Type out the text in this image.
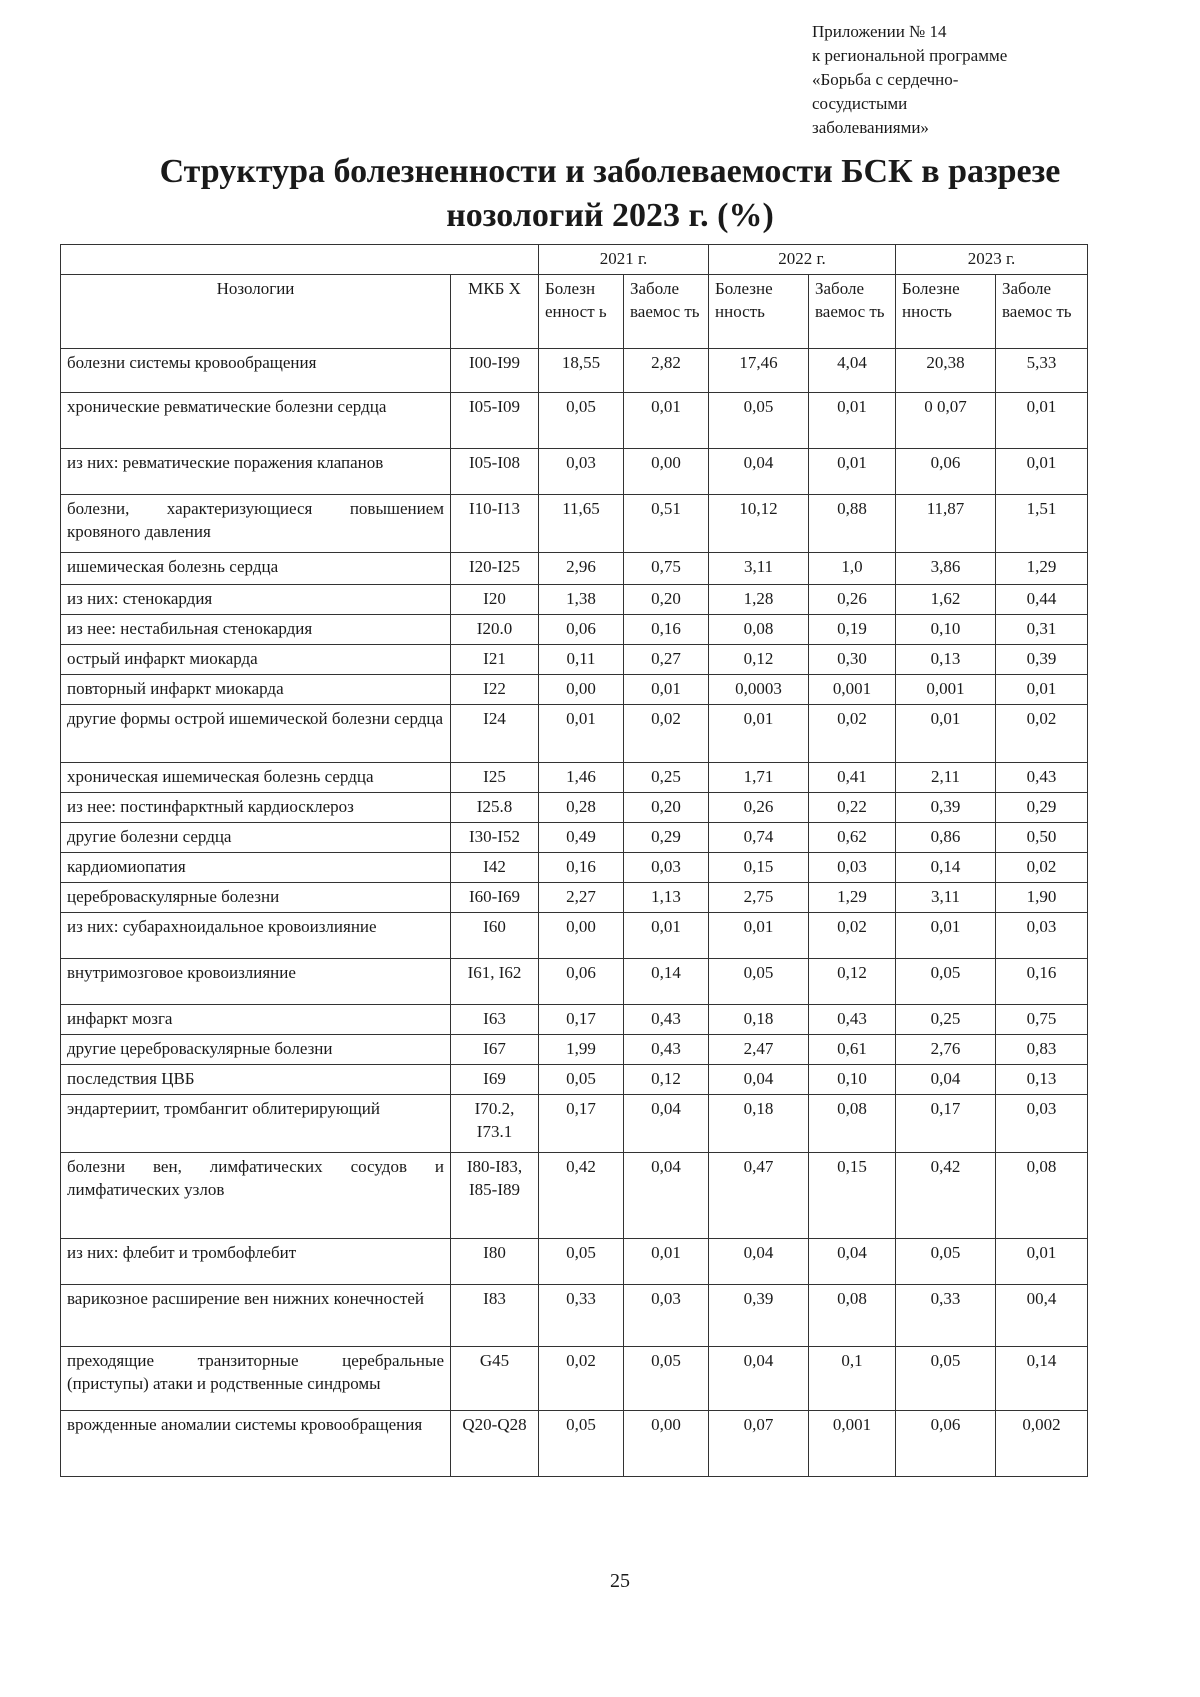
Приложении № 14
к региональной программе
«Борьба с сердечно-
сосудистыми
заболеваниями»
Структура болезненности и заболеваемости БСК в разрезе
нозологий 2023 г. (%)
		2021 г.		2022 г.		2023 г.	
Нозологии	МКБ Х	Болезн енност ь	Заболе ваемос ть	Болезне нность	Заболе ваемос ть	Болезне нность	Заболе ваемос ть
болезни системы кровообращения	I00-I99	18,55	2,82	17,46	4,04	20,38	5,33
хронические ревматические болезни сердца	I05-I09	0,05	0,01	0,05	0,01	0 0,07	0,01
из них: ревматические поражения клапанов	I05-I08	0,03	0,00	0,04	0,01	0,06	0,01
болезни, характеризующиеся повышением кровяного давления	I10-I13	11,65	0,51	10,12	0,88	11,87	1,51
ишемическая болезнь сердца	I20-I25	2,96	0,75	3,11	1,0	3,86	1,29
из них: стенокардия	I20	1,38	0,20	1,28	0,26	1,62	0,44
из нее: нестабильная стенокардия	I20.0	0,06	0,16	0,08	0,19	0,10	0,31
острый инфаркт миокарда	I21	0,11	0,27	0,12	0,30	0,13	0,39
повторный инфаркт миокарда	I22	0,00	0,01	0,0003	0,001	0,001	0,01
другие формы острой ишемической болезни сердца	I24	0,01	0,02	0,01	0,02	0,01	0,02
хроническая ишемическая болезнь сердца	I25	1,46	0,25	1,71	0,41	2,11	0,43
из нее: постинфарктный кардиосклероз	I25.8	0,28	0,20	0,26	0,22	0,39	0,29
другие болезни сердца	I30-I52	0,49	0,29	0,74	0,62	0,86	0,50
кардиомиопатия	I42	0,16	0,03	0,15	0,03	0,14	0,02
цереброваскулярные болезни	I60-I69	2,27	1,13	2,75	1,29	3,11	1,90
из них: субарахноидальное кровоизлияние	I60	0,00	0,01	0,01	0,02	0,01	0,03
внутримозговое кровоизлияние	I61, I62	0,06	0,14	0,05	0,12	0,05	0,16
инфаркт мозга	I63	0,17	0,43	0,18	0,43	0,25	0,75
другие цереброваскулярные болезни	I67	1,99	0,43	2,47	0,61	2,76	0,83
последствия ЦВБ	I69	0,05	0,12	0,04	0,10	0,04	0,13
эндартериит, тромбангит облитерирующий	I70.2, I73.1	0,17	0,04	0,18	0,08	0,17	0,03
болезни вен, лимфатических сосудов и лимфатических узлов	I80-I83, I85-I89	0,42	0,04	0,47	0,15	0,42	0,08
из них: флебит и тромбофлебит	I80	0,05	0,01	0,04	0,04	0,05	0,01
варикозное расширение вен нижних конечностей	I83	0,33	0,03	0,39	0,08	0,33	00,4
преходящие транзиторные церебральные (приступы) атаки и родственные синдромы	G45	0,02	0,05	0,04	0,1	0,05	0,14
врожденные аномалии системы кровообращения	Q20-Q28	0,05	0,00	0,07	0,001	0,06	0,002
25
